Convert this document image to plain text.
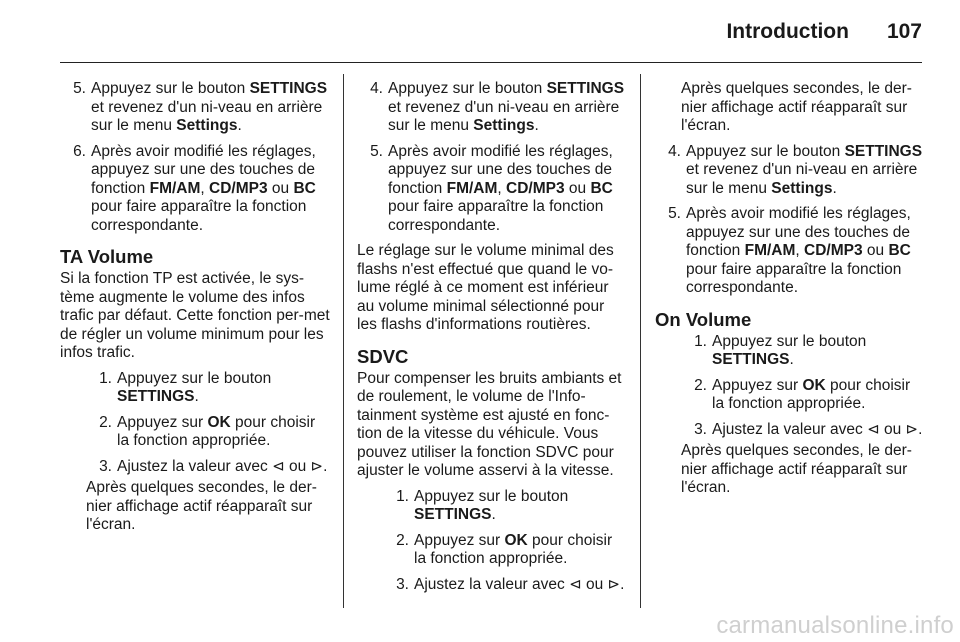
Introduction 107
5. Appuyez sur le bouton SETTINGS et revenez d'un ni-veau en arrière sur le menu Settings.
6. Après avoir modifié les réglages, appuyez sur une des touches de fonction FM/AM, CD/MP3 ou BC pour faire apparaître la fonction correspondante.
TA Volume
Si la fonction TP est activée, le sys-tème augmente le volume des infos trafic par défaut. Cette fonction per-met de régler un volume minimum pour les infos trafic.
1. Appuyez sur le bouton SETTINGS.
2. Appuyez sur OK pour choisir la fonction appropriée.
3. Ajustez la valeur avec ⊲ ou ⊳.
Après quelques secondes, le der-nier affichage actif réapparaît sur l'écran.
4. Appuyez sur le bouton SETTINGS et revenez d'un ni-veau en arrière sur le menu Settings.
5. Après avoir modifié les réglages, appuyez sur une des touches de fonction FM/AM, CD/MP3 ou BC pour faire apparaître la fonction correspondante.
Le réglage sur le volume minimal des flashs n'est effectué que quand le vo-lume réglé à ce moment est inférieur au volume minimal sélectionné pour les flashs d'informations routières.
SDVC
Pour compenser les bruits ambiants et de roulement, le volume de l'Info-tainment système est ajusté en fonc-tion de la vitesse du véhicule. Vous pouvez utiliser la fonction SDVC pour ajuster le volume asservi à la vitesse.
1. Appuyez sur le bouton SETTINGS.
2. Appuyez sur OK pour choisir la fonction appropriée.
3. Ajustez la valeur avec ⊲ ou ⊳.
Après quelques secondes, le der-nier affichage actif réapparaît sur l'écran.
4. Appuyez sur le bouton SETTINGS et revenez d'un ni-veau en arrière sur le menu Settings.
5. Après avoir modifié les réglages, appuyez sur une des touches de fonction FM/AM, CD/MP3 ou BC pour faire apparaître la fonction correspondante.
On Volume
1. Appuyez sur le bouton SETTINGS.
2. Appuyez sur OK pour choisir la fonction appropriée.
3. Ajustez la valeur avec ⊲ ou ⊳.
Après quelques secondes, le der-nier affichage actif réapparaît sur l'écran.
carmanualsonline.info
